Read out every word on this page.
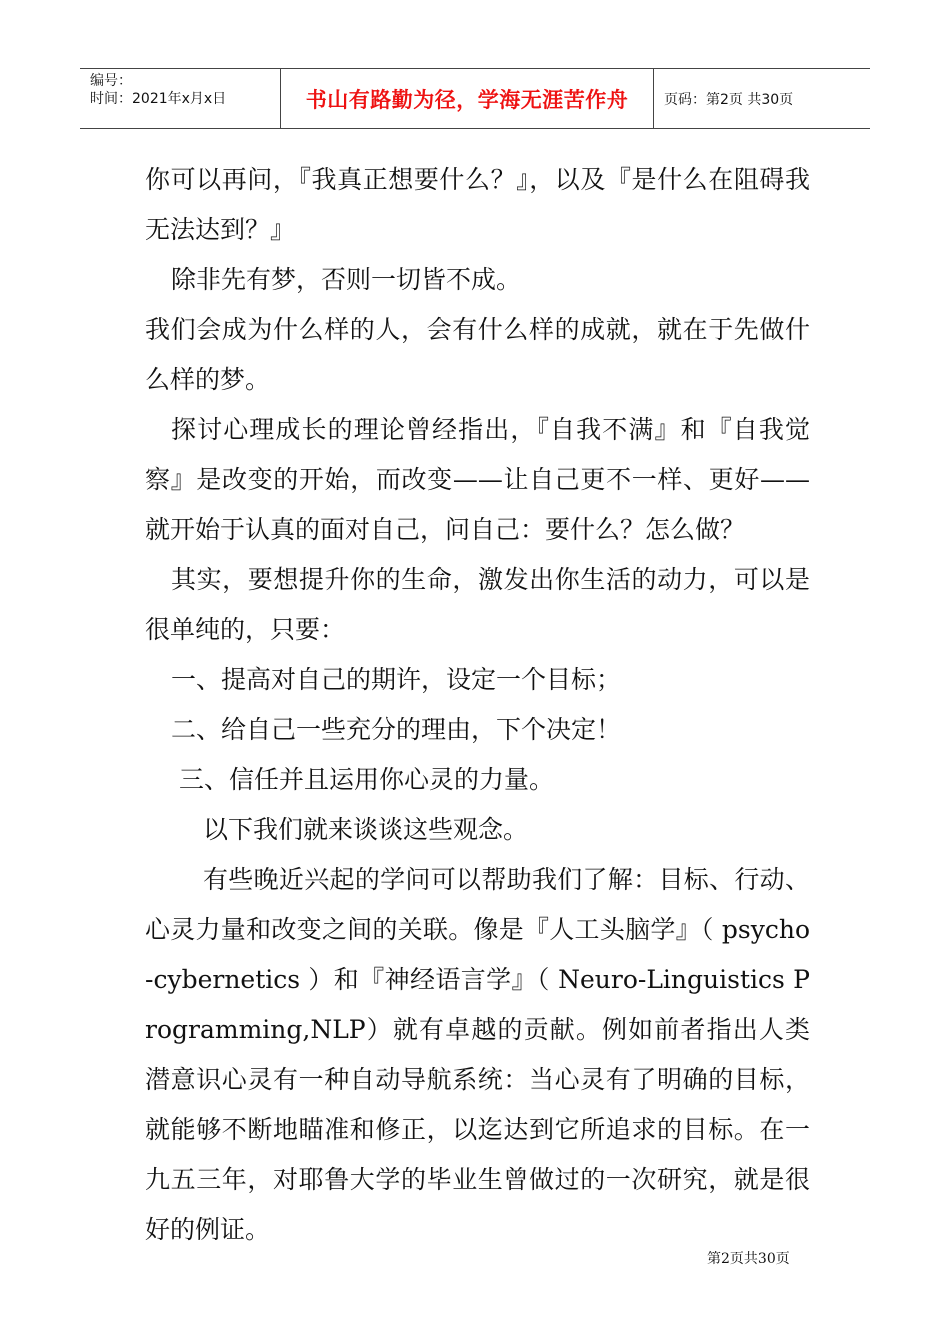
编号：
时间：2021年x月x日	书山有路勤为径，学海无涯苦作舟	页码：第2页 共30页

你可以再问，『我真正想要什么？』，以及『是什么在阻碍我无法达到？』

除非先有梦，否则一切皆不成。

我们会成为什么样的人，会有什么样的成就，就在于先做什么样的梦。

探讨心理成长的理论曾经指出，『自我不满』和『自我觉察』是改变的开始，而改变——让自己更不一样、更好——就开始于认真的面对自己，问自己：要什么？怎么做？

其实，要想提升你的生命，激发出你生活的动力，可以是很单纯的，只要：

一、提高对自己的期许，设定一个目标；

二、给自己一些充分的理由，下个决定！

三、信任并且运用你心灵的力量。

以下我们就来谈谈这些观念。

有些晚近兴起的学问可以帮助我们了解：目标、行动、心灵力量和改变之间的关联。像是『人工头脑学』（ psycho-cybernetics ）和『神经语言学』（ Neuro-Linguistics Programming,NLP）就有卓越的贡献。例如前者指出人类潜意识心灵有一种自动导航系统：当心灵有了明确的目标，就能够不断地瞄准和修正，以迄达到它所追求的目标。在一九五三年，对耶鲁大学的毕业生曾做过的一次研究，就是很好的例证。

第2页共30页
